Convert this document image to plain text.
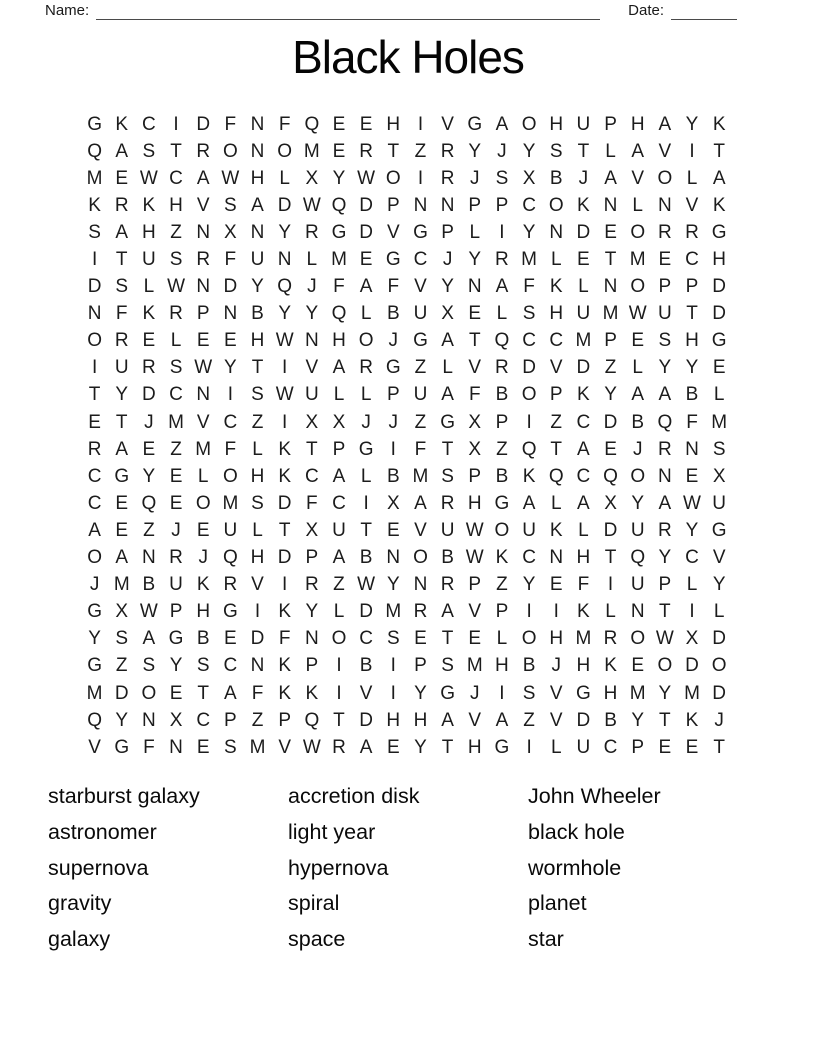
Name:	Date:
Black Holes
G K C I D F N F Q E E H I V G A O H U P H A Y K
Q A S T R O N O M E R T Z R Y J Y S T L A V I T
M E W C A W H L X Y W O I R J S X B J A V O L A
K R K H V S A D W Q D P N N P P C O K N L N V K
S A H Z N X N Y R G D V G P L	I Y N D E O R R G
I T U S R F U N L M E G C J Y R M L E T M E C H
D S L W N D Y Q J F A F V Y N A F K L N O P P D
N F K R P N B Y Y Q L B U X E L S H U M W U T D
O R E L E E H W N H O J G A T Q C C M P E S H G
I U R S W Y T I V A R G Z L V R D V D Z L Y Y E
T Y D C N I S W U L L P U A F B O P K Y A A B L
E T J M V C Z I X X J J Z G X P I Z C D B Q F M
R A E Z M F L K T P G I F T X Z Q T A E J R N S
C G Y E L O H K C A L B M S P B K Q C Q O N E X
C E Q E O M S D F C I X A R H G A L A X Y A W U
A E Z J E U L T X U T E V U W O U K L D U R Y G
O A N R J Q H D P A B N O B W K C N H T Q Y C V
J M B U K R V I R Z W Y N R P Z Y E F I U P L Y
G X W P H G I K Y L D M R A V P I	I K L N T I	L
Y S A G B E D F N O C S E T E L O H M R O W X D
G Z S Y S C N K P I B I P S M H B J H K E O D O
M D O E T A F K K I V I Y G J	I S V G H M Y M D
Q Y N X C P Z P Q T D H H A V A Z V D B Y T K J
V G F N E S M V W R A E Y T H G I	L U C P E E T
starburst galaxy
astronomer
supernova
gravity
galaxy
accretion disk
light year
hypernova
spiral
space
John Wheeler
black hole
wormhole
planet
star
